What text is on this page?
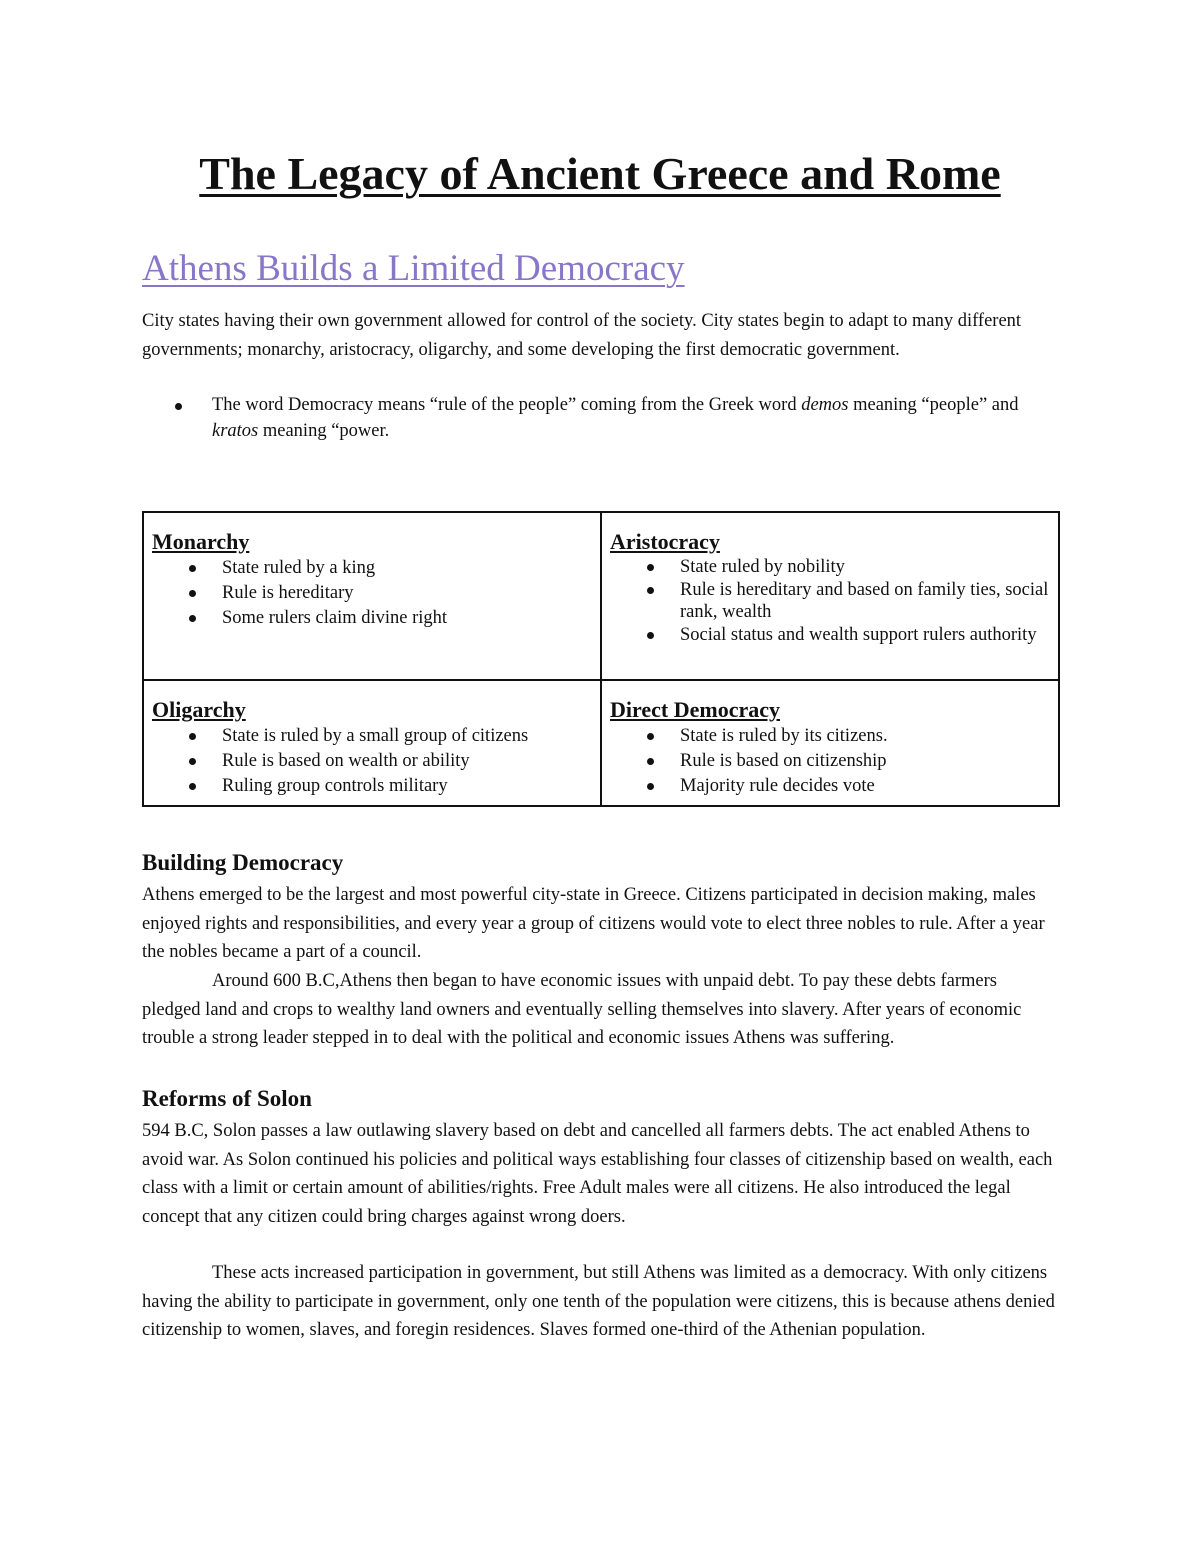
The Legacy of Ancient Greece and Rome
Athens Builds a Limited Democracy

City states having their own government allowed for control of the society. City states begin to adapt to many different governments; monarchy, aristocracy, oligarchy, and some developing the first democratic government.

The word Democracy means “rule of the people” coming from the Greek word demos meaning “people” and kratos meaning “power.
Monarchy
State ruled by a king
Rule is hereditary
Some rulers claim divine right
Aristocracy
State ruled by nobility
Rule is hereditary and based on family ties, social rank, wealth
Social status and wealth support rulers authority
Oligarchy
State is ruled by a small group of citizens
Rule is based on wealth or ability
Ruling group controls military
Direct Democracy
State is ruled by its citizens.
Rule is based on citizenship
Majority rule decides vote
Building Democracy

Athens emerged to be the largest and most powerful city-state in Greece. Citizens participated in decision making, males enjoyed rights and responsibilities, and every year a group of citizens would vote to elect three nobles to rule. After a year the nobles became a part of a council.

Around 600 B.C,Athens then began to have economic issues with unpaid debt. To pay these debts farmers pledged land and crops to wealthy land owners and eventually selling themselves into slavery. After years of economic trouble a strong leader stepped in to deal with the political and economic issues Athens was suffering.

Reforms of Solon

594 B.C, Solon passes a law outlawing slavery based on debt and cancelled all farmers debts. The act enabled Athens to avoid war. As Solon continued his policies and political ways establishing four classes of citizenship based on wealth, each class with a limit or certain amount of abilities/rights. Free Adult males were all citizens. He also introduced the legal concept that any citizen could bring charges against wrong doers.

These acts increased participation in government, but still Athens was limited as a democracy. With only citizens having the ability to participate in government, only one tenth of the population were citizens, this is because athens denied citizenship to women, slaves, and foregin residences. Slaves formed one-third of the Athenian population.
